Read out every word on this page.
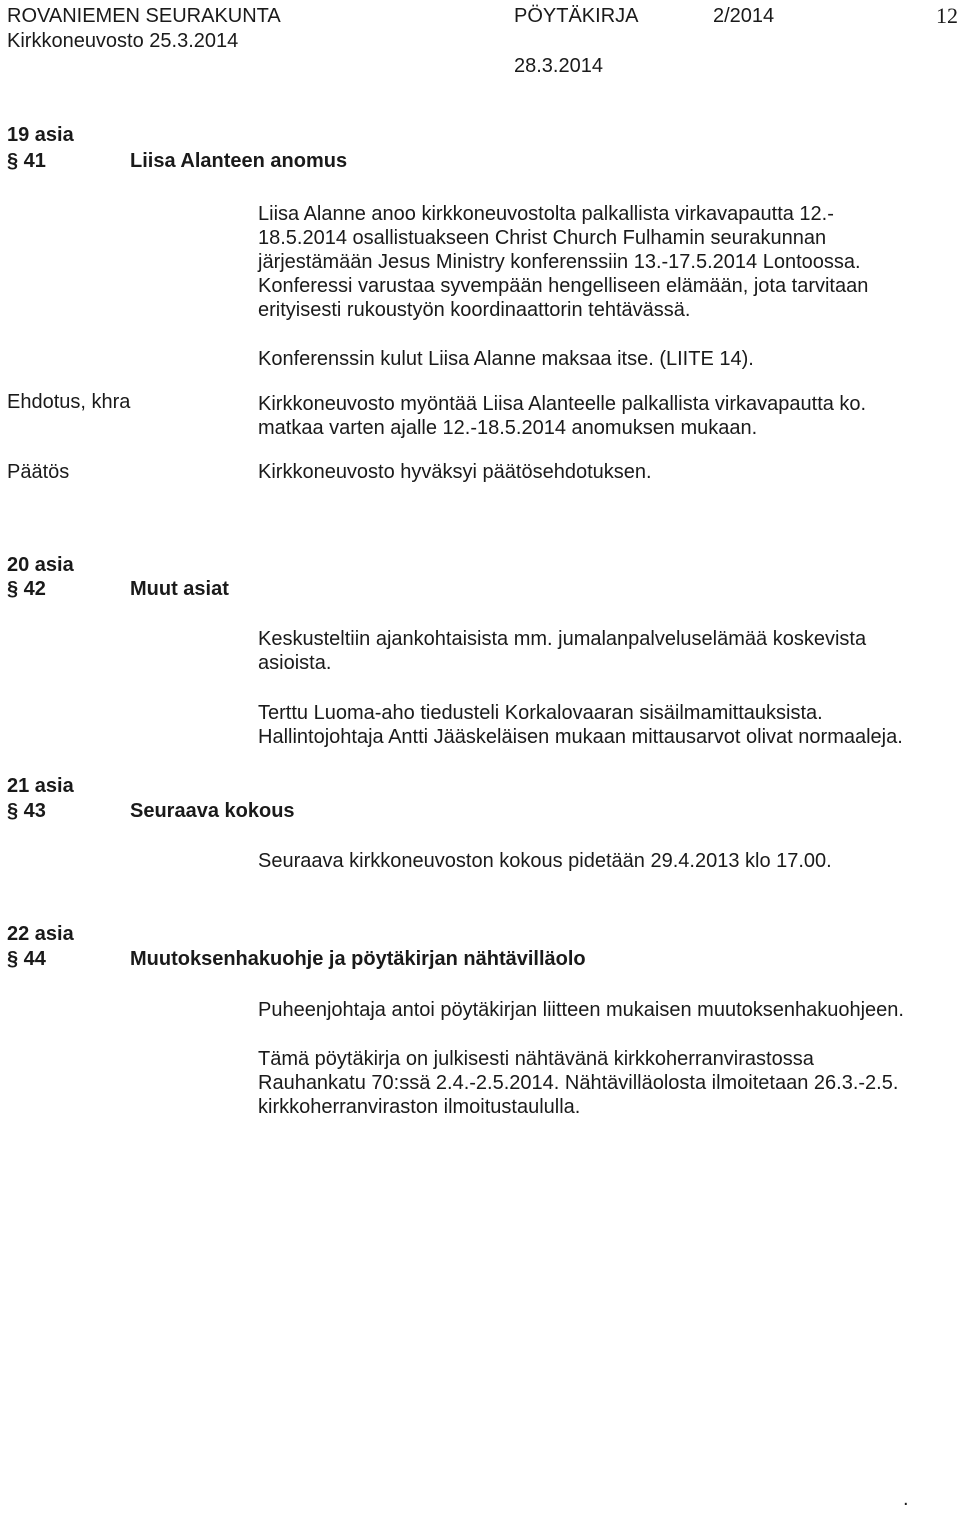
ROVANIEMEN SEURAKUNTA	PÖYTÄKIRJA	2/2014	12

Kirkkoneuvosto 25.3.2014

28.3.2014

19 asia

§ 41	Liisa Alanteen anomus

Liisa Alanne anoo kirkkoneuvostolta palkallista virkavapautta 12.-
18.5.2014 osallistuakseen Christ Church Fulhamin seurakunnan
järjestämään Jesus Ministry konferenssiin 13.-17.5.2014 Lontoossa.
Konferessi varustaa syvempään hengelliseen elämään, jota tarvitaan
erityisesti rukoustyön koordinaattorin tehtävässä.

Konferenssin kulut Liisa Alanne maksaa itse. (LIITE 14).

Ehdotus, khra	Kirkkoneuvosto myöntää Liisa Alanteelle palkallista virkavapautta ko.
matkaa varten ajalle 12.-18.5.2014 anomuksen mukaan.

Päätös	Kirkkoneuvosto hyväksyi päätösehdotuksen.

20 asia

§ 42	Muut asiat

Keskusteltiin ajankohtaisista mm. jumalanpalveluselämää koskevista
asioista.
Terttu Luoma-aho tiedusteli Korkalovaaran sisäilmamittauksista.
Hallintojohtaja Antti Jääskeläisen mukaan mittausarvot olivat normaaleja.

21 asia

§ 43	Seuraava kokous

Seuraava kirkkoneuvoston kokous pidetään 29.4.2013 klo 17.00.

22 asia

§ 44	Muutoksenhakuohje ja pöytäkirjan nähtävilläolo

Puheenjohtaja antoi pöytäkirjan liitteen mukaisen muutoksenhakuohjeen.

Tämä pöytäkirja on julkisesti nähtävänä kirkkoherranvirastossa
Rauhankatu 70:ssä 2.4.-2.5.2014. Nähtävilläolosta ilmoitetaan 26.3.-2.5.
kirkkoherranviraston ilmoitustaululla.

.
